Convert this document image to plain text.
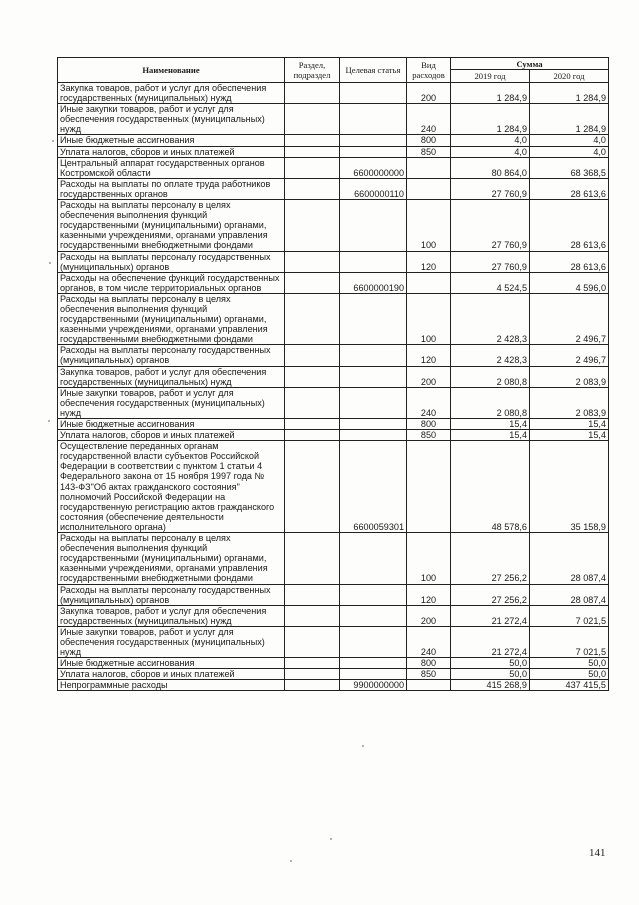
Наименование	Раздел, подраздел	Целевая статья	Вид расходов	Сумма	
				2019 год	2020 год
Закупка товаров, работ и услуг для обеспечения государственных (муниципальных) нужд			200	1 284,9	1 284,9
Иные закупки товаров, работ и услуг для обеспечения государственных (муниципальных) нужд			240	1 284,9	1 284,9
Иные бюджетные ассигнования			800	4,0	4,0
Уплата налогов, сборов и иных платежей			850	4,0	4,0
Центральный аппарат государственных органов Костромской области		6600000000		80 864,0	68 368,5
Расходы на выплаты по оплате труда работников государственных органов		6600000110		27 760,9	28 613,6
Расходы на выплаты персоналу в целях обеспечения выполнения функций государственными (муниципальными) органами, казенными учреждениями, органами управления государственными внебюджетными фондами			100	27 760,9	28 613,6
Расходы на выплаты персоналу государственных (муниципальных) органов			120	27 760,9	28 613,6
Расходы на обеспечение функций государственных органов, в том числе территориальных органов		6600000190		4 524,5	4 596,0
Расходы на выплаты персоналу в целях обеспечения выполнения функций государственными (муниципальными) органами, казенными учреждениями, органами управления государственными внебюджетными фондами			100	2 428,3	2 496,7
Расходы на выплаты персоналу государственных (муниципальных) органов			120	2 428,3	2 496,7
Закупка товаров, работ и услуг для обеспечения государственных (муниципальных) нужд			200	2 080,8	2 083,9
Иные закупки товаров, работ и услуг для обеспечения государственных (муниципальных) нужд			240	2 080,8	2 083,9
Иные бюджетные ассигнования			800	15,4	15,4
Уплата налогов, сборов и иных платежей			850	15,4	15,4
Осуществление переданных органам государственной власти субъектов Российской Федерации в соответствии с пунктом 1 статьи 4 Федерального закона от 15 ноября 1997 года № 143-ФЗ"Об актах гражданского состояния" полномочий Российской Федерации на государственную регистрацию актов гражданского состояния (обеспечение деятельности исполнительного органа)		6600059301		48 578,6	35 158,9
Расходы на выплаты персоналу в целях обеспечения выполнения функций государственными (муниципальными) органами, казенными учреждениями, органами управления государственными внебюджетными фондами			100	27 256,2	28 087,4
Расходы на выплаты персоналу государственных (муниципальных) органов			120	27 256,2	28 087,4
Закупка товаров, работ и услуг для обеспечения государственных (муниципальных) нужд			200	21 272,4	7 021,5
Иные закупки товаров, работ и услуг для обеспечения государственных (муниципальных) нужд			240	21 272,4	7 021,5
Иные бюджетные ассигнования			800	50,0	50,0
Уплата налогов, сборов и иных платежей			850	50,0	50,0
Непрограммные расходы		9900000000		415 268,9	437 415,5
141
